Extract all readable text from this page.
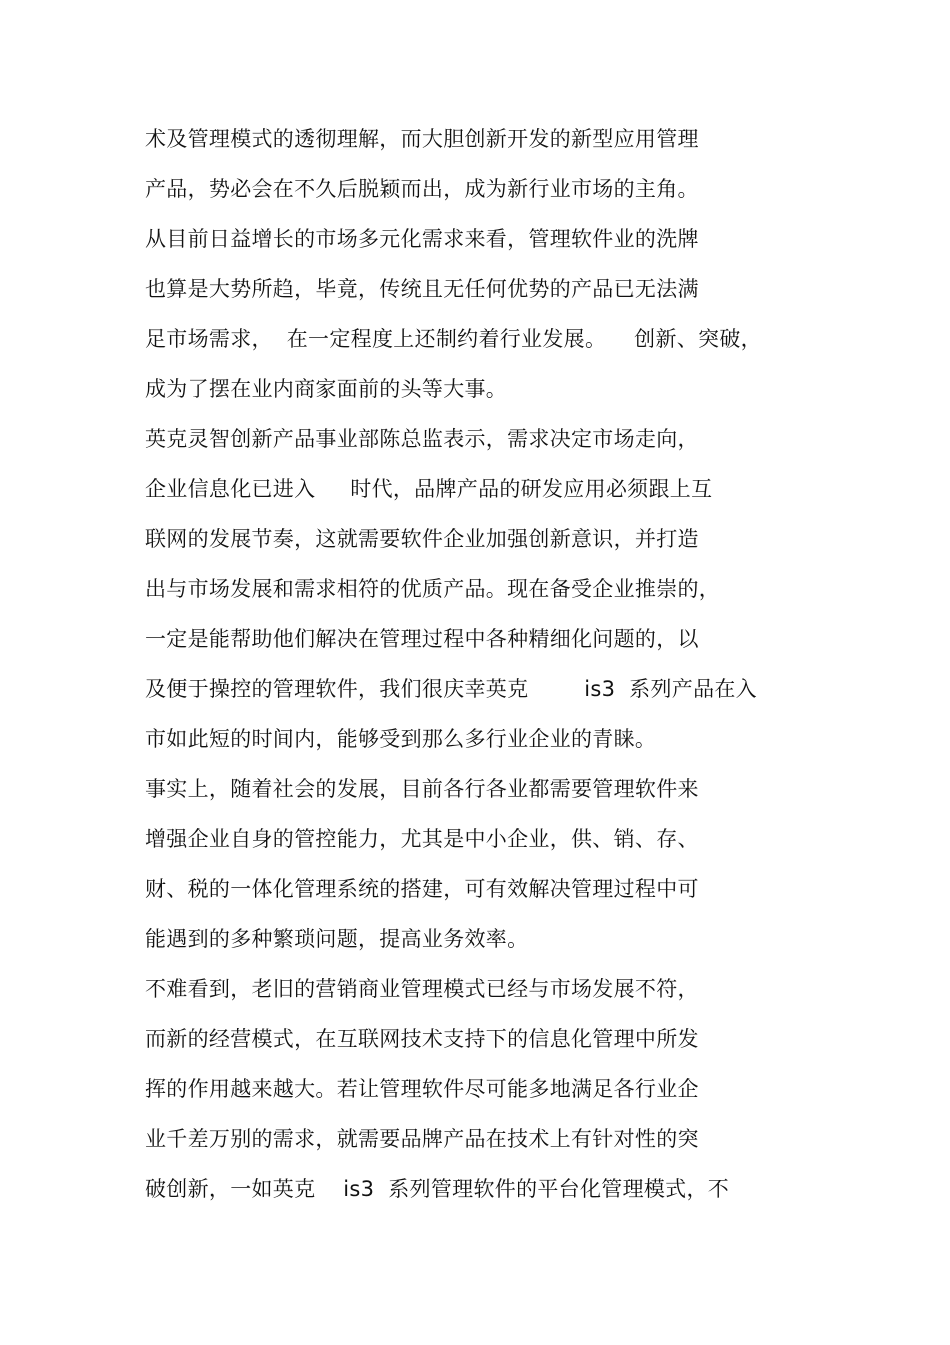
术及管理模式的透彻理解，而大胆创新开发的新型应用管理
产品，势必会在不久后脱颖而出，成为新行业市场的主角。
从目前日益增长的市场多元化需求来看，管理软件业的洗牌
也算是大势所趋，毕竟，传统且无任何优势的产品已无法满
足市场需求，  在一定程度上还制约着行业发展。    创新、突破，
成为了摆在业内商家面前的头等大事。
英克灵智创新产品事业部陈总监表示，需求决定市场走向，
企业信息化已进入     时代，品牌产品的研发应用必须跟上互
联网的发展节奏，这就需要软件企业加强创新意识，并打造
出与市场发展和需求相符的优质产品。现在备受企业推崇的，
一定是能帮助他们解决在管理过程中各种精细化问题的，以
及便于操控的管理软件，我们很庆幸英克        is3  系列产品在入
市如此短的时间内，能够受到那么多行业企业的青睐。
事实上，随着社会的发展，目前各行各业都需要管理软件来
增强企业自身的管控能力，尤其是中小企业，供、销、存、
财、税的一体化管理系统的搭建，可有效解决管理过程中可
能遇到的多种繁琐问题，提高业务效率。
不难看到，老旧的营销商业管理模式已经与市场发展不符，
而新的经营模式，在互联网技术支持下的信息化管理中所发
挥的作用越来越大。若让管理软件尽可能多地满足各行业企
业千差万别的需求，就需要品牌产品在技术上有针对性的突
破创新，一如英克    is3  系列管理软件的平台化管理模式，不
